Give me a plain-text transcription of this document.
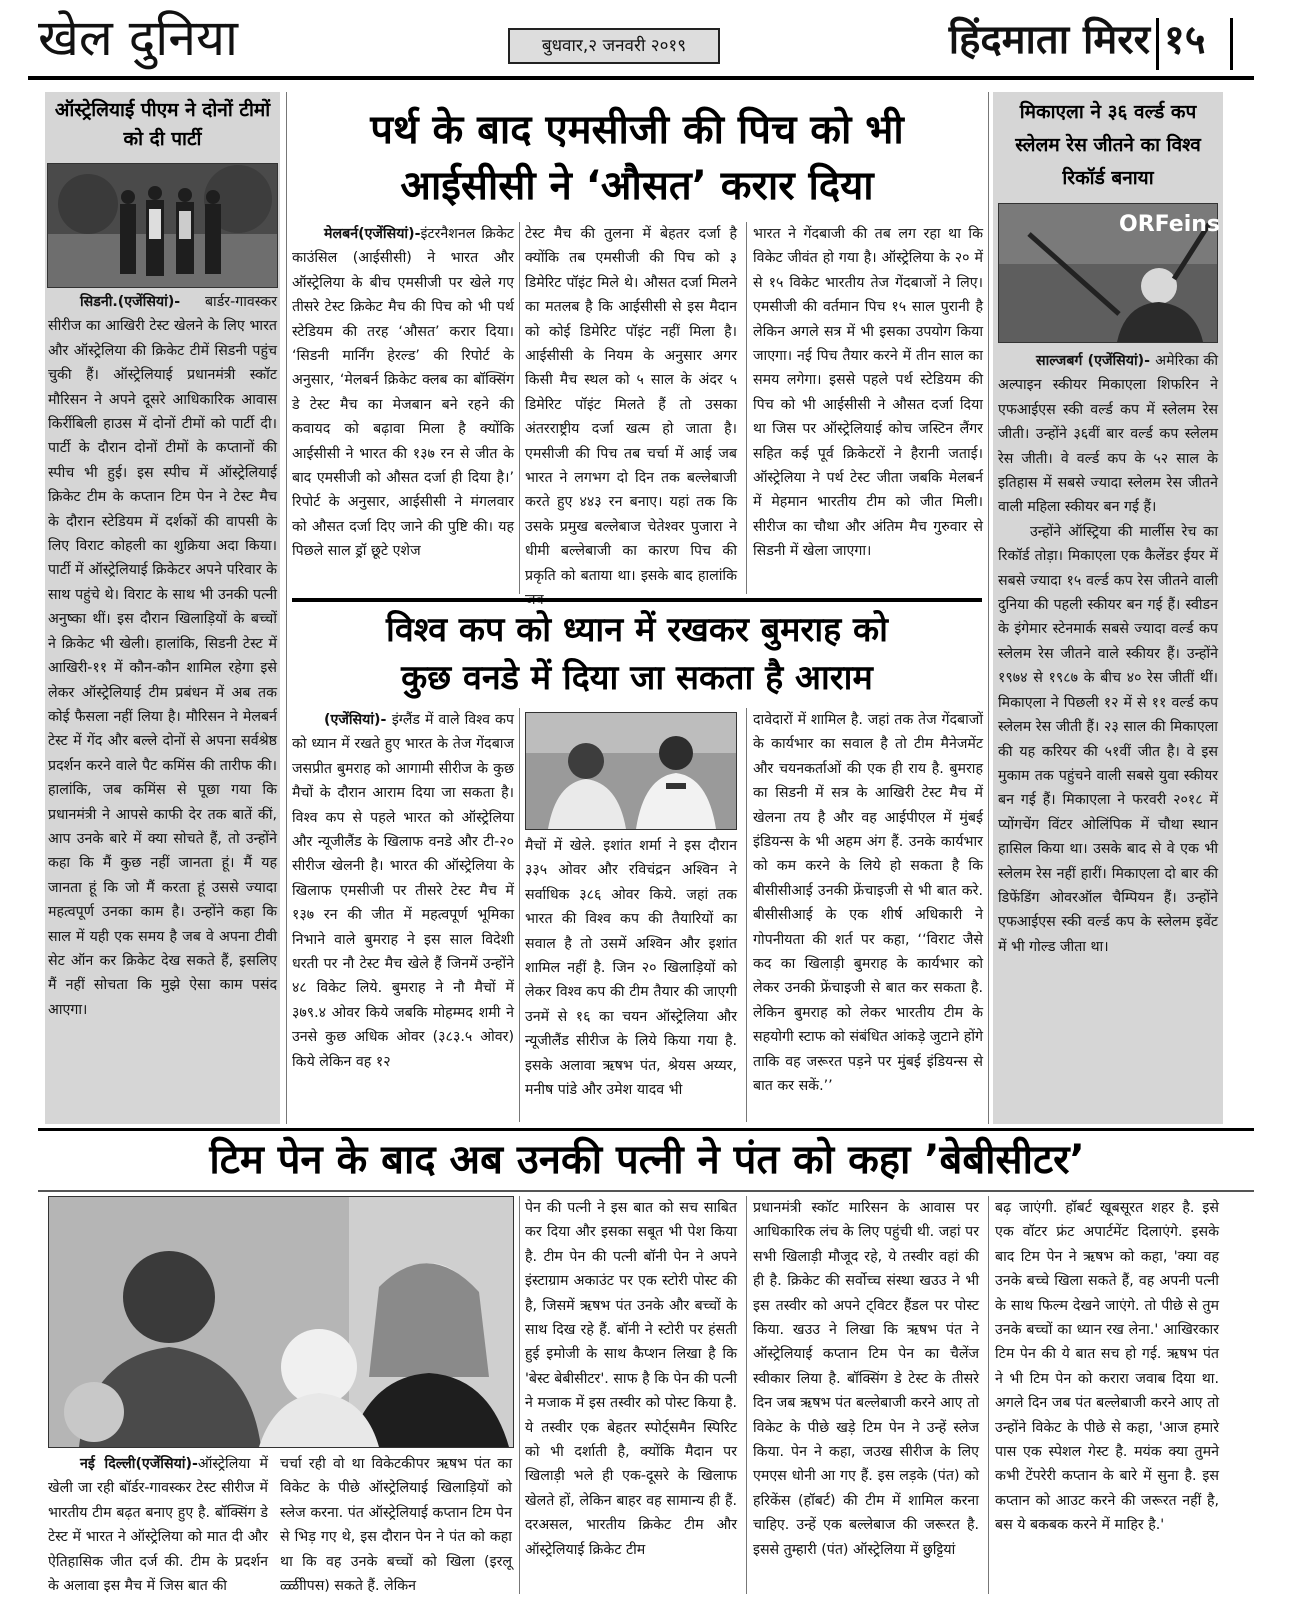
खेल दुनिया	बुधवार,२ जनवरी २०१९	हिंदमाता मिरर १५
ऑस्ट्रेलियाई पीएम ने दोनों टीमों को दी पार्टी
सिडनी.(एजेंसियां)- बार्डर-गावस्कर सीरीज का आखिरी टेस्ट खेलने के लिए भारत और ऑस्ट्रेलिया की क्रिकेट टीमें सिडनी पहुंच चुकी हैं। ऑस्ट्रेलियाई प्रधानमंत्री स्कॉट मौरिसन ने अपने दूसरे आधिकारिक आवास किर्रीबिली हाउस में दोनों टीमों को पार्टी दी। पार्टी के दौरान दोनों टीमों के कप्तानों की स्पीच भी हुई। इस स्पीच में ऑस्ट्रेलियाई क्रिकेट टीम के कप्तान टिम पेन ने टेस्ट मैच के दौरान स्टेडियम में दर्शकों की वापसी के लिए विराट कोहली का शुक्रिया अदा किया। पार्टी में ऑस्ट्रेलियाई क्रिकेटर अपने परिवार के साथ पहुंचे थे। विराट के साथ भी उनकी पत्नी अनुष्का थीं। इस दौरान खिलाड़ियों के बच्चों ने क्रिकेट भी खेली। हालांकि, सिडनी टेस्ट में आखिरी-११ में कौन-कौन शामिल रहेगा इसे लेकर ऑस्ट्रेलियाई टीम प्रबंधन में अब तक कोई फैसला नहीं लिया है। मौरिसन ने मेलबर्न टेस्ट में गेंद और बल्ले दोनों से अपना सर्वश्रेष्ठ प्रदर्शन करने वाले पैट कमिंस की तारीफ की। हालांकि, जब कमिंस से पूछा गया कि प्रधानमंत्री ने आपसे काफी देर तक बातें कीं, आप उनके बारे में क्या सोचते हैं, तो उन्होंने कहा कि मैं कुछ नहीं जानता हूं। मैं यह जानता हूं कि जो मैं करता हूं उससे ज्यादा महत्वपूर्ण उनका काम है। उन्होंने कहा कि साल में यही एक समय है जब वे अपना टीवी सेट ऑन कर क्रिकेट देख सकते हैं, इसलिए मैं नहीं सोचता कि मुझे ऐसा काम पसंद आएगा।
पर्थ के बाद एमसीजी की पिच को भी
आईसीसी ने ‘औसत’ करार दिया
मेलबर्न(एजेंसियां)-इंटरनैशनल क्रिकेट काउंसिल (आईसीसी) ने भारत और ऑस्ट्रेलिया के बीच एमसीजी पर खेले गए तीसरे टेस्ट क्रिकेट मैच की पिच को भी पर्थ स्टेडियम की तरह ‘औसत’ करार दिया। ‘सिडनी मार्निंग हेरल्ड’ की रिपोर्ट के अनुसार, ‘मेलबर्न क्रिकेट क्लब का बॉक्सिंग डे टेस्ट मैच का मेजबान बने रहने की कवायद को बढ़ावा मिला है क्योंकि आईसीसी ने भारत की १३७ रन से जीत के बाद एमसीजी को औसत दर्जा ही दिया है।’ रिपोर्ट के अनुसार, आईसीसी ने मंगलवार को औसत दर्जा दिए जाने की पुष्टि की। यह पिछले साल ड्रॉ छूटे एशेज
टेस्ट मैच की तुलना में बेहतर दर्जा है क्योंकि तब एमसीजी की पिच को ३ डिमेरिट पॉइंट मिले थे। औसत दर्जा मिलने का मतलब है कि आईसीसी से इस मैदान को कोई डिमेरिट पॉइंट नहीं मिला है। आईसीसी के नियम के अनुसार अगर किसी मैच स्थल को ५ साल के अंदर ५ डिमेरिट पॉइंट मिलते हैं तो उसका अंतरराष्ट्रीय दर्जा खत्म हो जाता है। एमसीजी की पिच तब चर्चा में आई जब भारत ने लगभग दो दिन तक बल्लेबाजी करते हुए ४४३ रन बनाए। यहां तक कि उसके प्रमुख बल्लेबाज चेतेश्वर पुजारा ने धीमी बल्लेबाजी का कारण पिच की प्रकृति को बताया था। इसके बाद हालांकि
भारत ने गेंदबाजी की तब लग रहा था कि विकेट जीवंत हो गया है। ऑस्ट्रेलिया के २० में से १५ विकेट भारतीय तेज गेंदबाजों ने लिए। एमसीजी की वर्तमान पिच १५ साल पुरानी है लेकिन अगले सत्र में भी इसका उपयोग किया जाएगा। नई पिच तैयार करने में तीन साल का समय लगेगा। इससे पहले पर्थ स्टेडियम की पिच को भी आईसीसी ने औसत दर्जा दिया था जिस पर ऑस्ट्रेलियाई कोच जस्टिन लैंगर सहित कई पूर्व क्रिकेटरों ने हैरानी जताई। ऑस्ट्रेलिया ने पर्थ टेस्ट जीता जबकि मेलबर्न में मेहमान भारतीय टीम को जीत मिली। सीरीज का चौथा और अंतिम मैच गुरुवार से सिडनी में खेला जाएगा।
विश्व कप को ध्यान में रखकर बुमराह को
कुछ वनडे में दिया जा सकता है आराम
(एजेंसियां)- इंग्लैंड में वाले विश्व कप को ध्यान में रखते हुए भारत के तेज गेंदबाज जसप्रीत बुमराह को आगामी सीरीज के कुछ मैचों के दौरान आराम दिया जा सकता है। विश्व कप से पहले भारत को ऑस्ट्रेलिया और न्यूजीलैंड के खिलाफ वनडे और टी-२० सीरीज खेलनी है। भारत की ऑस्ट्रेलिया के खिलाफ एमसीजी पर तीसरे टेस्ट मैच में १३७ रन की जीत में महत्वपूर्ण भूमिका निभाने वाले बुमराह ने इस साल विदेशी धरती पर नौ टेस्ट मैच खेले हैं जिनमें उन्होंने ४८ विकेट लिये. बुमराह ने नौ मैचों में ३७९.४ ओवर किये जबकि मोहम्मद शमी ने उनसे कुछ अधिक ओवर (३८३.५ ओवर) किये लेकिन वह १२
मैचों में खेले. इशांत शर्मा ने इस दौरान ३३५ ओवर और रविचंद्रन अश्विन ने सर्वाधिक ३८६ ओवर किये. जहां तक भारत की विश्व कप की तैयारियों का सवाल है तो उसमें अश्विन और इशांत शामिल नहीं है. जिन २० खिलाड़ियों को लेकर विश्व कप की टीम तैयार की जाएगी उनमें से १६ का चयन ऑस्ट्रेलिया और न्यूजीलैंड सीरीज के लिये किया गया है. इसके अलावा ऋषभ पंत, श्रेयस अय्यर, मनीष पांडे और उमेश यादव भी
दावेदारों में शामिल है. जहां तक तेज गेंदबाजों के कार्यभार का सवाल है तो टीम मैनेजमेंट और चयनकर्ताओं की एक ही राय है. बुमराह का सिडनी में सत्र के आखिरी टेस्ट मैच में खेलना तय है और वह आईपीएल में मुंबई इंडियन्स के भी अहम अंग हैं. उनके कार्यभार को कम करने के लिये हो सकता है कि बीसीसीआई उनकी फ्रेंचाइजी से भी बात करे. बीसीसीआई के एक शीर्ष अधिकारी ने गोपनीयता की शर्त पर कहा, ‘‘विराट जैसे कद का खिलाड़ी बुमराह के कार्यभार को लेकर उनकी फ्रेंचाइजी से बात कर सकता है. लेकिन बुमराह को लेकर भारतीय टीम के सहयोगी स्टाफ को संबंधित आंकड़े जुटाने होंगे ताकि वह जरूरत पड़ने पर मुंबई इंडियन्स से बात कर सकें.’’
मिकाएला ने ३६ वर्ल्ड कप स्लेलम रेस जीतने का विश्व रिकॉर्ड बनाया
ORFeins

साल्जबर्ग (एजेंसियां)- अमेरिका की अल्पाइन स्कीयर मिकाएला शिफरिन ने एफआईएस स्की वर्ल्ड कप में स्लेलम रेस जीती। उन्होंने ३६वीं बार वर्ल्ड कप स्लेलम रेस जीती। वे वर्ल्ड कप के ५२ साल के इतिहास में सबसे ज्यादा स्लेलम रेस जीतने वाली महिला स्कीयर बन गई हैं।

उन्होंने ऑस्ट्रिया की मार्लीस रेच का रिकॉर्ड तोड़ा। मिकाएला एक कैलेंडर ईयर में सबसे ज्यादा १५ वर्ल्ड कप रेस जीतने वाली दुनिया की पहली स्कीयर बन गई हैं। स्वीडन के इंगेमार स्टेनमार्क सबसे ज्यादा वर्ल्ड कप स्लेलम रेस जीतने वाले स्कीयर हैं। उन्होंने १९७४ से १९८७ के बीच ४० रेस जीतीं थीं। मिकाएला ने पिछली १२ में से ११ वर्ल्ड कप स्लेलम रेस जीती हैं। २३ साल की मिकाएला की यह करियर की ५१वीं जीत है। वे इस मुकाम तक पहुंचने वाली सबसे युवा स्कीयर बन गई हैं। मिकाएला ने फरवरी २०१८ में प्योंगचेंग विंटर ओलिंपिक में चौथा स्थान हासिल किया था। उसके बाद से वे एक भी स्लेलम रेस नहीं हारीं। मिकाएला दो बार की डिफेंडिंग ओवरऑल चैम्पियन हैं। उन्होंने एफआईएस स्की वर्ल्ड कप के स्लेलम इवेंट में भी गोल्ड जीता था।

टिम पेन के बाद अब उनकी पत्नी ने पंत को कहा ’बेबीसीटर’
नई दिल्ली(एजेंसियां)-ऑस्ट्रेलिया में खेली जा रही बॉर्डर-गावस्कर टेस्ट सीरीज में भारतीय टीम बढ़त बनाए हुए है. बॉक्सिंग डे टेस्ट में भारत ने ऑस्ट्रेलिया को मात दी और ऐतिहासिक जीत दर्ज की. टीम के प्रदर्शन के अलावा इस मैच में जिस बात की
चर्चा रही वो था विकेटकीपर ऋषभ पंत का विकेट के पीछे ऑस्ट्रेलियाई खिलाड़ियों को स्लेज करना. पंत ऑस्ट्रेलियाई कप्तान टिम पेन से भिड़ गए थे, इस दौरान पेन ने पंत को कहा था कि वह उनके बच्चों को खिला (इरलू ळ्ळीीपस) सकते हैं. लेकिन
पेन की पत्नी ने इस बात को सच साबित कर दिया और इसका सबूत भी पेश किया है. टीम पेन की पत्नी बॉनी पेन ने अपने इंस्टाग्राम अकाउंट पर एक स्टोरी पोस्ट की है, जिसमें ऋषभ पंत उनके और बच्चों के साथ दिख रहे हैं. बॉनी ने स्टोरी पर हंसती हुई इमोजी के साथ कैप्शन लिखा है कि 'बेस्ट बेबीसीटर'. साफ है कि पेन की पत्नी ने मजाक में इस तस्वीर को पोस्ट किया है. ये तस्वीर एक बेहतर स्पोर्ट्समैन स्पिरिट को भी दर्शाती है, क्योंकि मैदान पर खिलाड़ी भले ही एक-दूसरे के खिलाफ खेलते हों, लेकिन बाहर वह सामान्य ही हैं. दरअसल, भारतीय क्रिकेट टीम और ऑस्ट्रेलियाई क्रिकेट टीम
प्रधानमंत्री स्कॉट मारिसन के आवास पर आधिकारिक लंच के लिए पहुंची थी. जहां पर सभी खिलाड़ी मौजूद रहे, ये तस्वीर वहां की ही है. क्रिकेट की सर्वोच्च संस्था खउउ ने भी इस तस्वीर को अपने ट्विटर हैंडल पर पोस्ट किया. खउउ ने लिखा कि ऋषभ पंत ने ऑस्ट्रेलियाई कप्तान टिम पेन का चैलेंज स्वीकार लिया है. बॉक्सिंग डे टेस्ट के तीसरे दिन जब ऋषभ पंत बल्लेबाजी करने आए तो विकेट के पीछे खड़े टिम पेन ने उन्हें स्लेज किया. पेन ने कहा, जउख सीरीज के लिए एमएस धोनी आ गए हैं. इस लड़के (पंत) को हरिकेंस (हॉबर्ट) की टीम में शामिल करना चाहिए. उन्हें एक बल्लेबाज की जरूरत है. इससे तुम्हारी (पंत) ऑस्ट्रेलिया में छुट्टियां
बढ़ जाएंगी. हॉबर्ट खूबसूरत शहर है. इसे एक वॉटर फ्रंट अपार्टमेंट दिलाएंगे. इसके बाद टिम पेन ने ऋषभ को कहा, 'क्या वह उनके बच्चे खिला सकते हैं, वह अपनी पत्नी के साथ फिल्म देखने जाएंगे. तो पीछे से तुम उनके बच्चों का ध्यान रख लेना.' आखिरकार टिम पेन की ये बात सच हो गई. ऋषभ पंत ने भी टिम पेन को करारा जवाब दिया था. अगले दिन जब पंत बल्लेबाजी करने आए तो उन्होंने विकेट के पीछे से कहा, 'आज हमारे पास एक स्पेशल गेस्ट है. मयंक क्या तुमने कभी टेंपरेरी कप्तान के बारे में सुना है. इस कप्तान को आउट करने की जरूरत नहीं है, बस ये बकबक करने में माहिर है.'
